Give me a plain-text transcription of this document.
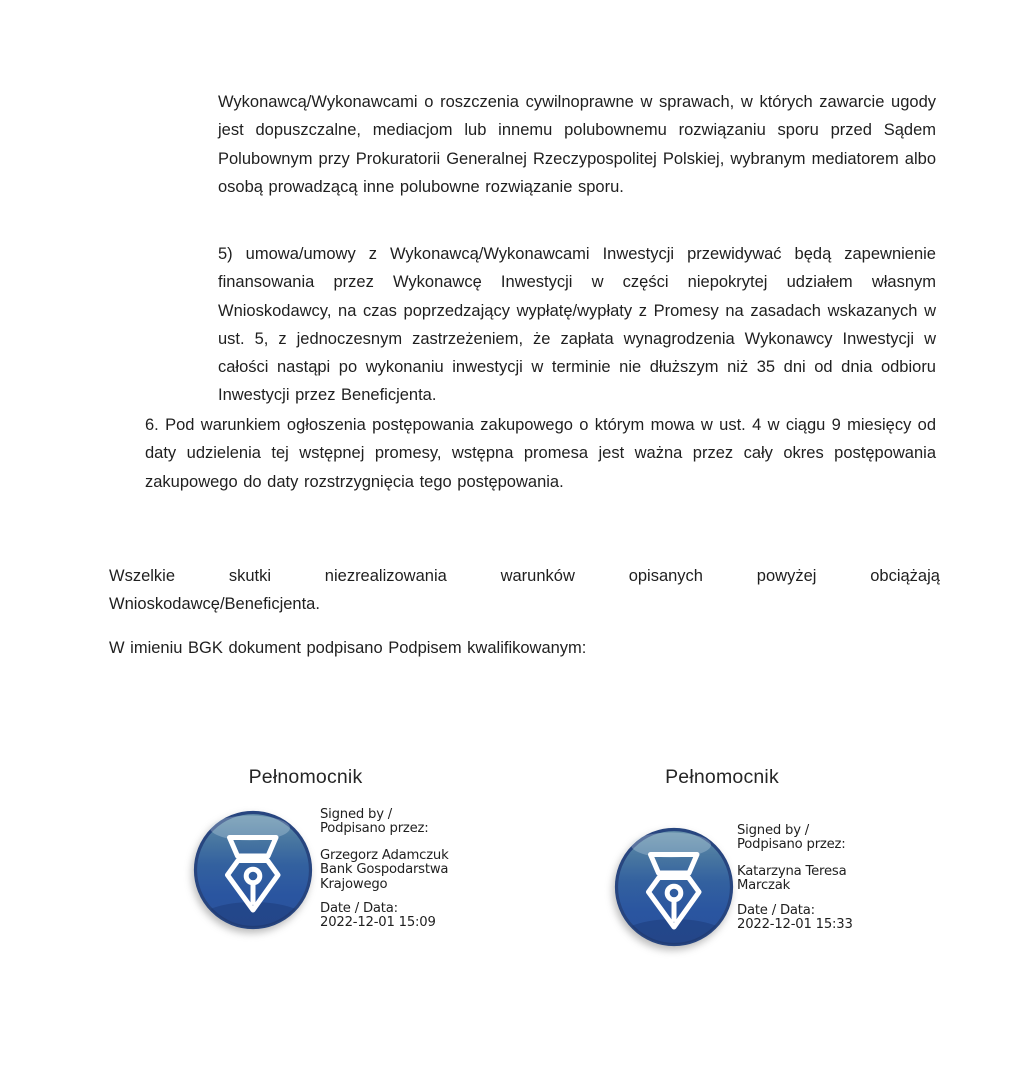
Wykonawcą/Wykonawcami o roszczenia cywilnoprawne w sprawach, w których zawarcie ugody jest dopuszczalne, mediacjom lub innemu polubownemu rozwiązaniu sporu przed Sądem Polubownym przy Prokuratorii Generalnej Rzeczypospolitej Polskiej, wybranym mediatorem albo osobą prowadzącą inne polubowne rozwiązanie sporu.
5) umowa/umowy z Wykonawcą/Wykonawcami Inwestycji przewidywać będą zapewnienie finansowania przez Wykonawcę Inwestycji w części niepokrytej udziałem własnym Wnioskodawcy, na czas poprzedzający wypłatę/wypłaty z Promesy na zasadach wskazanych w ust. 5, z jednoczesnym zastrzeżeniem, że zapłata wynagrodzenia Wykonawcy Inwestycji w całości nastąpi po wykonaniu inwestycji w terminie nie dłuższym niż 35 dni od dnia odbioru Inwestycji przez Beneficjenta.
6. Pod warunkiem ogłoszenia postępowania zakupowego o którym mowa w ust. 4 w ciągu 9 miesięcy od daty udzielenia tej wstępnej promesy, wstępna promesa jest ważna przez cały okres postępowania zakupowego do daty rozstrzygnięcia tego postępowania.
Wszelkie	skutki	niezrealizowania	warunków	opisanych	powyżej	obciążają
Wnioskodawcę/Beneficjenta.
W imieniu BGK dokument podpisano Podpisem kwalifikowanym:
Pełnomocnik
Signed by /
Podpisano przez:
Grzegorz Adamczuk
Bank Gospodarstwa
Krajowego
Date / Data:
2022-12-01 15:09
Pełnomocnik
Signed by /
Podpisano przez:
Katarzyna Teresa
Marczak
Date / Data:
2022-12-01 15:33
